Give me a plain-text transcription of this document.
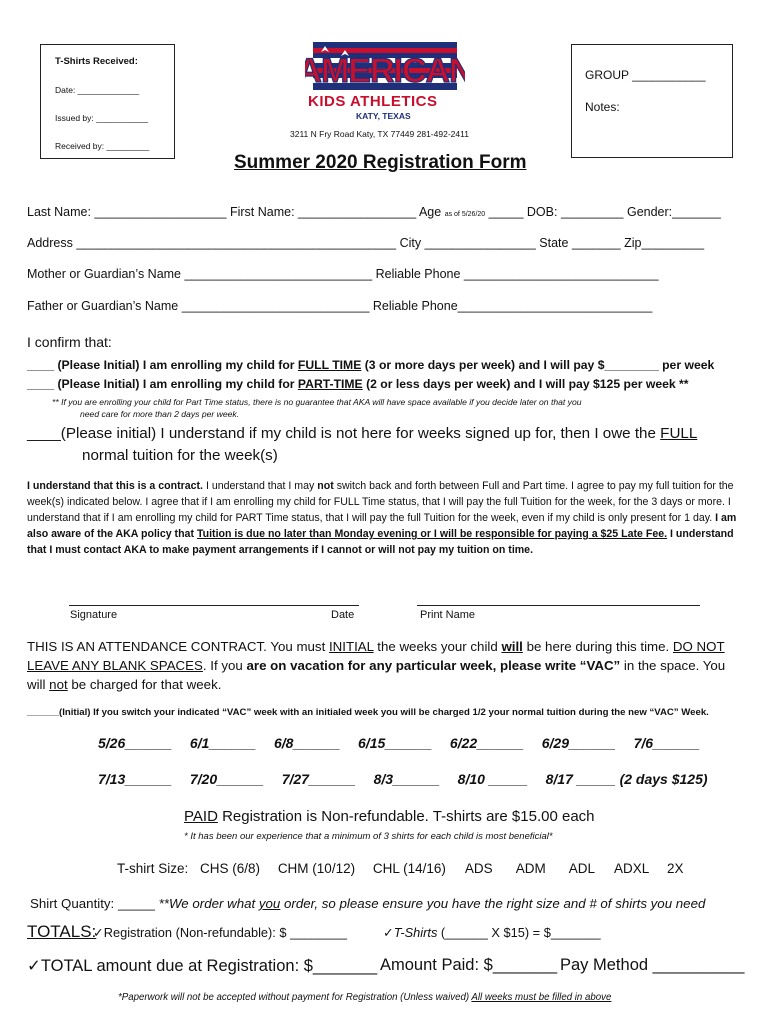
T-Shirts Received:
Date: _____________
Issued by: ___________
Received by: _________
AMERICAN
KIDS ATHLETICS
KATY, TEXAS
3211 N Fry Road Katy, TX 77449 281-492-2411
GROUP ___________
Notes:
Summer 2020 Registration Form
Last Name: ___________________ First Name: _________________ Age as of 5/26/20 _____ DOB: _________ Gender:_______
Address ______________________________________________ City ________________ State _______ Zip_________
Mother or Guardian’s Name ___________________________ Reliable Phone ____________________________
Father or Guardian’s Name ___________________________ Reliable Phone____________________________
I confirm that:
____ (Please Initial) I am enrolling my child for FULL TIME (3 or more days per week) and I will pay $________ per week
____ (Please Initial) I am enrolling my child for PART-TIME (2 or less days per week) and I will pay $125 per week **
** If you are enrolling your child for Part Time status, there is no guarantee that AKA will have space available if you decide later on that you
need care for more than 2 days per week.
____(Please initial) I understand if my child is not here for weeks signed up for, then I owe the FULL
normal tuition for the week(s)
I understand that this is a contract. I understand that I may not switch back and forth between Full and Part time. I agree to pay my full tuition for the week(s) indicated below. I agree that if I am enrolling my child for FULL Time status, that I will pay the full Tuition for the week, for the 3 days or more. I understand that if I am enrolling my child for PART Time status, that I will pay the full Tuition for the week, even if my child is only present for 1 day. I am also aware of the AKA policy that Tuition is due no later than Monday evening or I will be responsible for paying a $25 Late Fee. I understand that I must contact AKA to make payment arrangements if I cannot or will not pay my tuition on time.
Signature	Date	Print Name
THIS IS AN ATTENDANCE CONTRACT. You must INITIAL the weeks your child will be here during this time. DO NOT LEAVE ANY BLANK SPACES. If you are on vacation for any particular week, please write “VAC” in the space. You will not be charged for that week.
______(Initial) If you switch your indicated “VAC” week with an initialed week you will be charged 1/2 your normal tuition during the new “VAC” Week.
5/26______ 6/1______ 6/8______ 6/15______ 6/22______ 6/29______ 7/6______
7/13______ 7/20______ 7/27______ 8/3______ 8/10 _____ 8/17 _____ (2 days $125)
PAID Registration is Non-refundable. T-shirts are $15.00 each
* It has been our experience that a minimum of 3 shirts for each child is most beneficial*
T-shirt Size: CHS (6/8) CHM (10/12) CHL (14/16) ADS ADM ADL ADXL 2X
Shirt Quantity: _____ **We order what you order, so please ensure you have the right size and # of shirts you need
TOTALS:
✓Registration (Non-refundable): $ ________	✓T-Shirts (______ X $15) = $_______
✓TOTAL amount due at Registration: $_______ Amount Paid: $_______ Pay Method __________
*Paperwork will not be accepted without payment for Registration (Unless waived) All weeks must be filled in above
